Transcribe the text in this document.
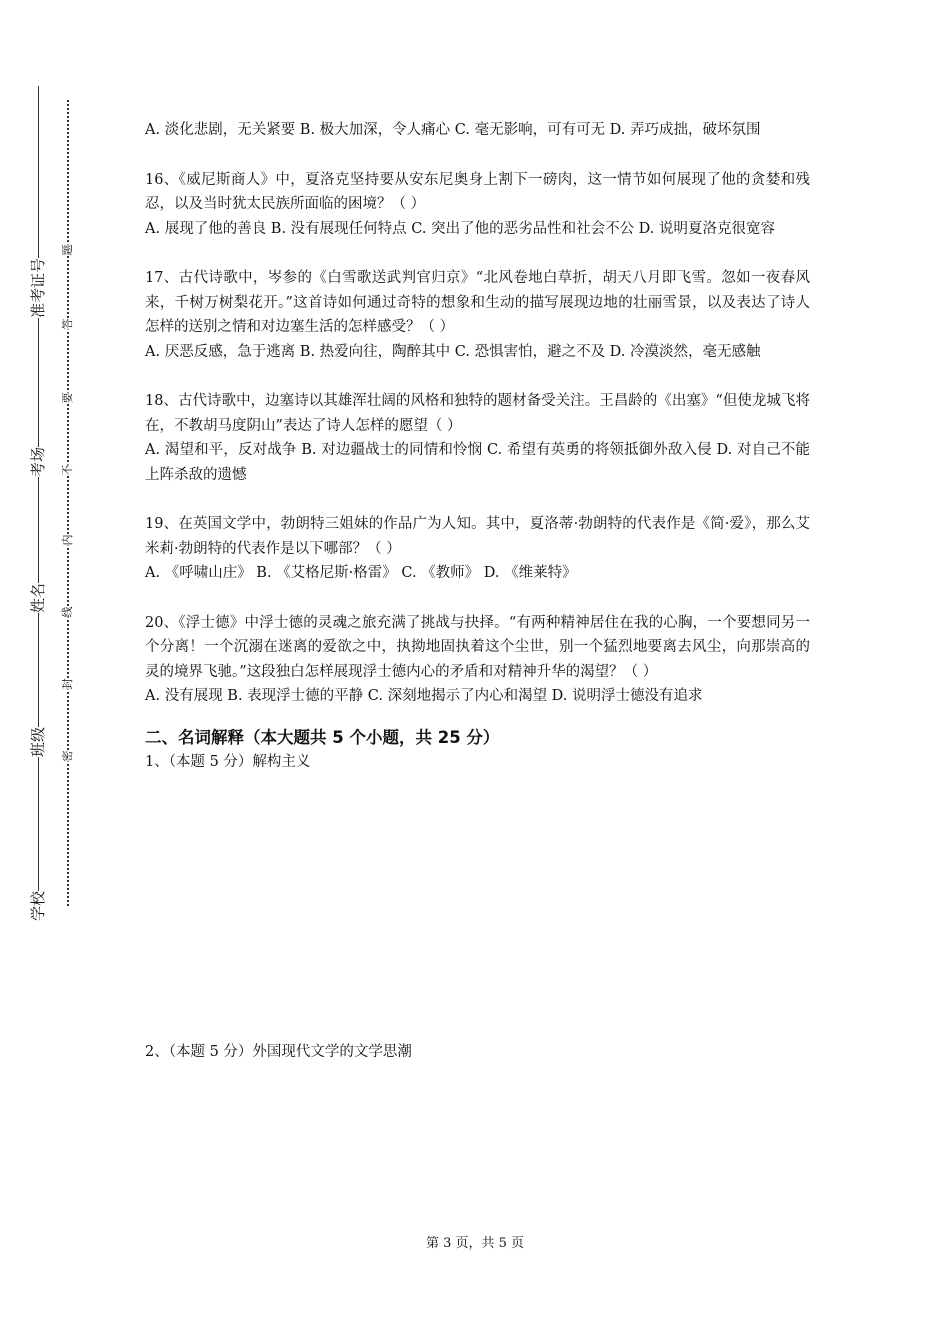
准考证号
考场
姓名
班级
学校
题
答
要
不
内
线
封
密

A. 淡化悲剧，无关紧要 B. 极大加深，令人痛心 C. 毫无影响，可有可无 D. 弄巧成拙，破坏氛围

16、《威尼斯商人》中，夏洛克坚持要从安东尼奥身上割下一磅肉，这一情节如何展现了他的贪婪和残忍，以及当时犹太民族所面临的困境？（ ）

A. 展现了他的善良 B. 没有展现任何特点 C. 突出了他的恶劣品性和社会不公 D. 说明夏洛克很宽容

17、古代诗歌中，岑参的《白雪歌送武判官归京》“北风卷地白草折，胡天八月即飞雪。忽如一夜春风来，千树万树梨花开。”这首诗如何通过奇特的想象和生动的描写展现边地的壮丽雪景，以及表达了诗人怎样的送别之情和对边塞生活的怎样感受？（ ）

A. 厌恶反感，急于逃离 B. 热爱向往，陶醉其中 C. 恐惧害怕，避之不及 D. 冷漠淡然，毫无感触

18、古代诗歌中，边塞诗以其雄浑壮阔的风格和独特的题材备受关注。王昌龄的《出塞》“但使龙城飞将在，不教胡马度阴山”表达了诗人怎样的愿望（ ）

A. 渴望和平，反对战争 B. 对边疆战士的同情和怜悯 C. 希望有英勇的将领抵御外敌入侵 D. 对自己不能上阵杀敌的遗憾

19、在英国文学中，勃朗特三姐妹的作品广为人知。其中，夏洛蒂·勃朗特的代表作是《简·爱》，那么艾米莉·勃朗特的代表作是以下哪部？（ ）

A. 《呼啸山庄》 B. 《艾格尼斯·格雷》 C. 《教师》 D. 《维莱特》

20、《浮士德》中浮士德的灵魂之旅充满了挑战与抉择。“有两种精神居住在我的心胸，一个要想同另一个分离！一个沉溺在迷离的爱欲之中，执拗地固执着这个尘世，别一个猛烈地要离去风尘，向那崇高的灵的境界飞驰。”这段独白怎样展现浮士德内心的矛盾和对精神升华的渴望？（ ）

A. 没有展现 B. 表现浮士德的平静 C. 深刻地揭示了内心和渴望 D. 说明浮士德没有追求

二、名词解释（本大题共 5 个小题，共 25 分）

1、（本题 5 分）解构主义

2、（本题 5 分）外国现代文学的文学思潮

第 3 页，共 5 页
